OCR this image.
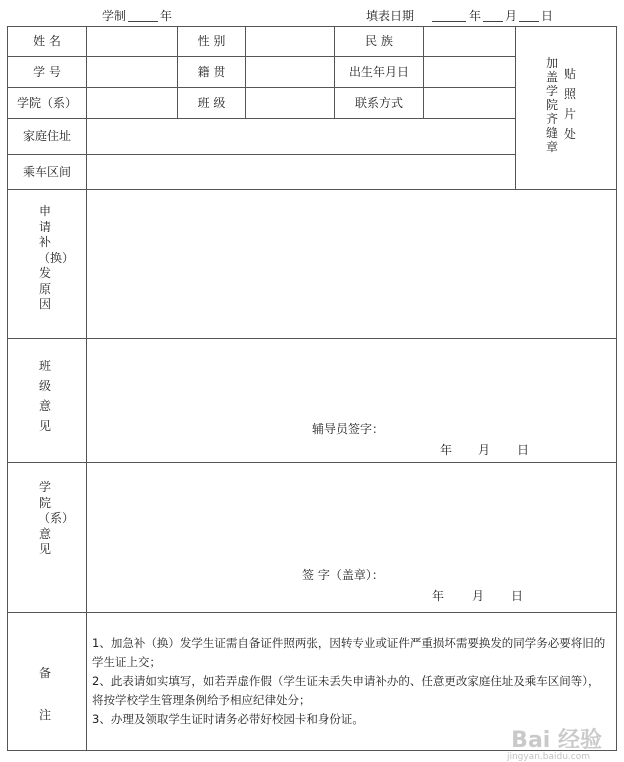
学制	年	填表日期	年 月 日
姓 名	性 别	民 族
学 号	籍 贯	出生年月日
学院（系）	班 级	联系方式
家庭住址
乘车区间
贴照片处
加盖学院齐缝章
申请补（换）发原因
班级意见	辅导员签字：
年 月 日
学院（系）意见
签 字（盖章）：
年 月 日
备注
1、加急补（换）发学生证需自备证件照两张，因转专业或证件严重损坏需要换发的同学务必要将旧的学生证上交；
2、此表请如实填写，如若弄虚作假（学生证未丢失申请补办的、任意更改家庭住址及乘车区间等），将按学校学生管理条例给予相应纪律处分；
3、办理及领取学生证时请务必带好校园卡和身份证。
Bai 经验
jingyan.baidu.com
